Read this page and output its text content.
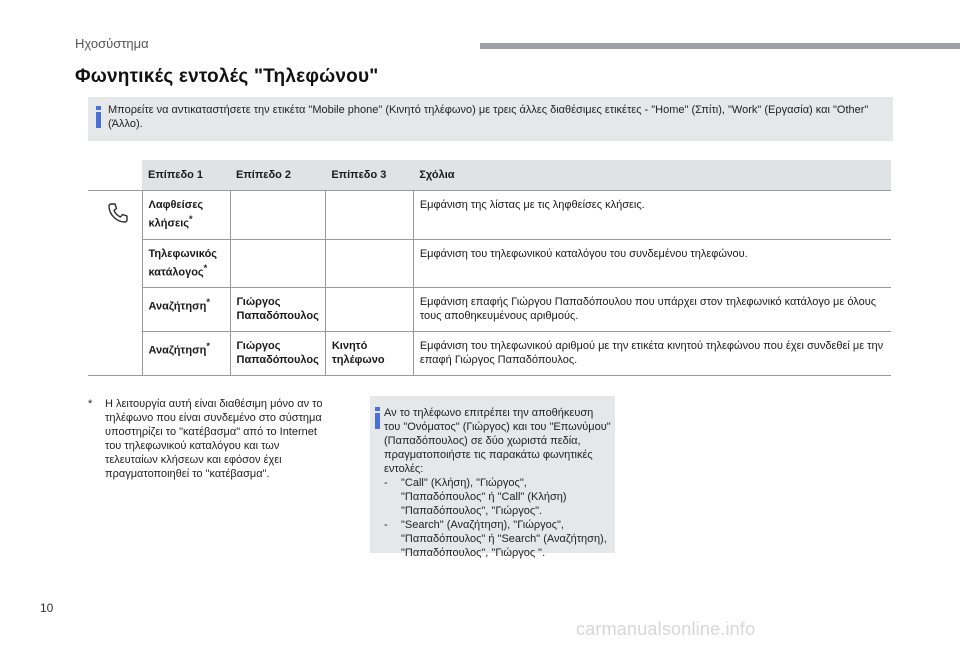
Ηχοσύστημα
Φωνητικές εντολές "Τηλεφώνου"
Μπορείτε να αντικαταστήσετε την ετικέτα "Mobile phone" (Κινητό τηλέφωνο) με τρεις άλλες διαθέσιμες ετικέτες - "Home" (Σπίτι), "Work" (Εργασία) και "Other" (Άλλο).
	Επίπεδο 1	Επίπεδο 2	Επίπεδο 3	Σχόλια

	Λαφθείσες κλήσεις*			Εμφάνιση της λίστας με τις ληφθείσες κλήσεις.
	Τηλεφωνικός κατάλογος*			Εμφάνιση του τηλεφωνικού καταλόγου του συνδεμένου τηλεφώνου.
	Αναζήτηση*	Γιώργος Παπαδόπουλος		Εμφάνιση επαφής Γιώργου Παπαδόπουλου που υπάρχει στον τηλεφωνικό κατάλογο με όλους τους αποθηκευμένους αριθμούς.
	Αναζήτηση*	Γιώργος Παπαδόπουλος	Κινητό τηλέφωνο	Εμφάνιση του τηλεφωνικού αριθμού με την ετικέτα κινητού τηλεφώνου που έχει συνδεθεί με την επαφή Γιώργος Παπαδόπουλος.
* Η λειτουργία αυτή είναι διαθέσιμη μόνο αν το τηλέφωνο που είναι συνδεμένο στο σύστημα υποστηρίζει το "κατέβασμα" από το Internet του τηλεφωνικού καταλόγου και των τελευταίων κλήσεων και εφόσον έχει πραγματοποιηθεί το "κατέβασμα".
Αν το τηλέφωνο επιτρέπει την αποθήκευση του "Ονόματος" (Γιώργος) και του "Επωνύμου" (Παπαδόπουλος) σε δύο χωριστά πεδία, πραγματοποιήστε τις παρακάτω φωνητικές εντολές:
- "Call" (Κλήση), "Γιώργος", "Παπαδόπουλος" ή "Call" (Κλήση) "Παπαδόπουλος", "Γιώργος".
- "Search" (Αναζήτηση), "Γιώργος", "Παπαδόπουλος" ή "Search" (Αναζήτηση), "Παπαδόπουλος", "Γιώργος ".
10
carmanualsonline.info
